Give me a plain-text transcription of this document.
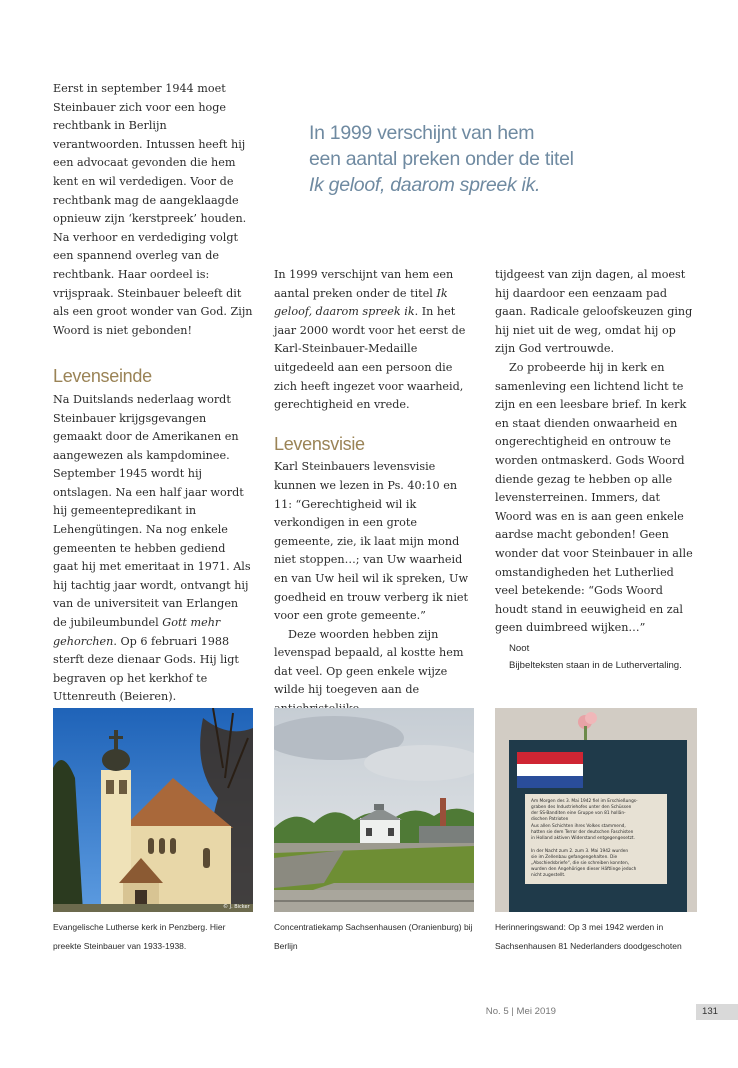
Eerst in september 1944 moet Steinbauer zich voor een hoge rechtbank in Berlijn verantwoorden. Intussen heeft hij een advocaat gevonden die hem kent en wil verdedigen. Voor de rechtbank mag de aangeklaagde opnieuw zijn ‘kerstpreek’ houden. Na verhoor en verdediging volgt een spannend overleg van de rechtbank. Haar oordeel is: vrijspraak. Steinbauer beleeft dit als een groot wonder van God. Zijn Woord is niet gebonden!

Levenseinde

Na Duitslands nederlaag wordt Steinbauer krijgsgevangen gemaakt door de Amerikanen en aangewezen als kampdominee. September 1945 wordt hij ontslagen. Na een half jaar wordt hij gemeentepredikant in Lehengütingen. Na nog enkele gemeenten te hebben gediend gaat hij met emeritaat in 1971. Als hij tachtig jaar wordt, ontvangt hij van de universiteit van Erlangen de jubileumbundel Gott mehr gehorchen. Op 6 februari 1988 sterft deze dienaar Gods. Hij ligt begraven op het kerkhof te Uttenreuth (Beieren).

In 1999 verschijnt van hem

een aantal preken onder de titel

Ik geloof, daarom spreek ik.

In 1999 verschijnt van hem een aantal preken onder de titel Ik geloof, daarom spreek ik. In het jaar 2000 wordt voor het eerst de Karl-Steinbauer-Medaille uitgedeeld aan een persoon die zich heeft ingezet voor waarheid, gerechtigheid en vrede.

Levensvisie

Karl Steinbauers levensvisie kunnen we lezen in Ps. 40:10 en 11: “Gerechtigheid wil ik verkondigen in een grote gemeente, zie, ik laat mijn mond niet stoppen…; van Uw waarheid en van Uw heil wil ik spreken, Uw goedheid en trouw verberg ik niet voor een grote gemeente.”

Deze woorden hebben zijn levenspad bepaald, al kostte hem dat veel. Op geen enkele wijze wilde hij toegeven aan de

tijdgeest van zijn dagen, al moest hij daardoor een eenzaam pad gaan. Radicale geloofskeuzen ging hij niet uit de weg, omdat hij op zijn God vertrouwde.

Zo probeerde hij in kerk en samenleving een lichtend licht te zijn en een leesbare brief. In kerk en staat dienden onwaarheid en ongerechtigheid en ontrouw te worden ontmaskerd. Gods Woord diende gezag te hebben op alle levensterreinen. Immers, dat Woord was en is aan geen enkele aardse macht gebonden! Geen wonder dat voor Steinbauer in alle omstandigheden het Lutherlied veel betekende: “Gods Woord houdt stand in eeuwigheid en zal geen duimbreed wijken…”

Noot

Bijbelteksten staan in de Luthervertaling.

© J. Bicker
Am Morgen des 3. Mai 1942 fiel im Erschießungs-
graben des Industriehofes unter den Schüssen
der SS-Banditen eine Gruppe von 81 hollän-
dischen Patrioten
Aus allen Schichten ihres Volkes stammend,
hatten sie dem Terror der deutschen Faschisten
in Holland aktiven Widerstand entgegengesetzt.
In der Nacht zum 2. zum 3. Mai 1942 wurden
sie im Zellenbau gefangengehalten. Die
„Abschiedsbriefe“, die sie schreiben konnten,
wurden den Angehörigen dieser Häftlinge jedoch
nicht zugestellt.

Evangelische Lutherse kerk in Penzberg. Hier preekte Steinbauer van 1933-1938.

Concentratiekamp Sachsenhausen (Oranienburg) bij Berlijn

Herinneringswand: Op 3 mei 1942 werden in Sachsenhausen 81 Nederlanders doodgeschoten

No. 5 | Mei 2019	131
